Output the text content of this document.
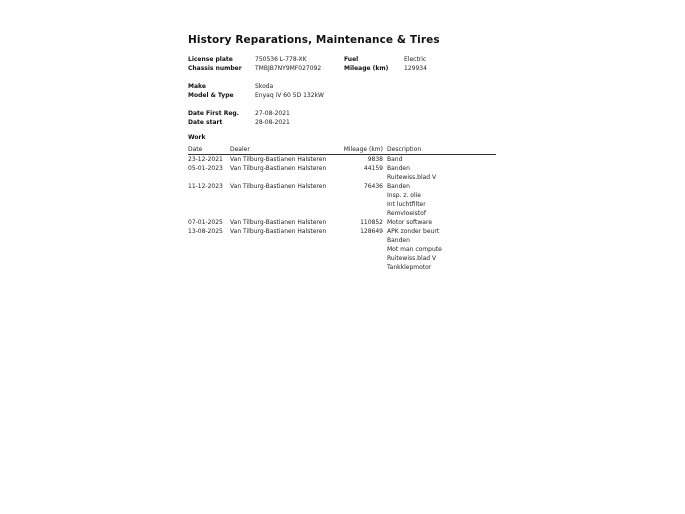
History Reparations, Maintenance & Tires
License plate	750536 L-778-XK	Fuel	Electric
Chassis number TMBJB7NY9MF027092	Mileage (km)	129934
Make	Skoda
Model & Type	Enyaq iV 60 5D 132kW
Date First Reg.	27-08-2021
Date start	28-08-2021
Work
Date	Dealer	Mileage (km) Description
23-12-2021 Van Tilburg-Bastianen Halsteren	9838 Band
05-01-2023 Van Tilburg-Bastianen Halsteren	44159 Banden
Ruitewiss.blad V
11-12-2023 Van Tilburg-Bastianen Halsteren	76436 Banden
Insp. z. olie
Int luchtfilter
Remvloeistof
07-01-2025 Van Tilburg-Bastianen Halsteren	110852 Motor software
13-08-2025 Van Tilburg-Bastianen Halsteren	128649 APK zonder beurt
Banden
Mot man compute
Ruitewiss.blad V
Tankklepmotor
